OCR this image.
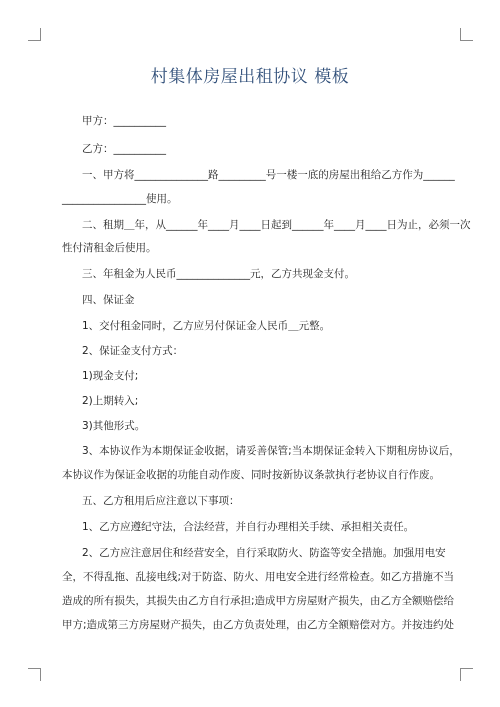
村集体房屋出租协议 模板
甲方：__________
乙方：__________
一、甲方将______________路_________号一楼一底的房屋出租给乙方作为______
________________使用。
二、租期＿年，从______年____月____日起到______年____月____日为止，必须一次
性付清租金后使用。
三、年租金为人民币______________元，乙方共现金支付。
四、保证金
1、交付租金同时，乙方应另付保证金人民币＿元整。
2、保证金支付方式：
1)现金支付;
2)上期转入;
3)其他形式。
3、本协议作为本期保证金收据，请妥善保管;当本期保证金转入下期租房协议后，
本协议作为保证金收据的功能自动作废、同时按新协议条款执行老协议自行作废。
五、乙方租用后应注意以下事项：
1、乙方应遵纪守法，合法经营，并自行办理相关手续、承担相关责任。
2、乙方应注意居住和经营安全，自行采取防火、防盗等安全措施。加强用电安
全，不得乱拖、乱接电线;对于防盗、防火、用电安全进行经常检查。如乙方措施不当
造成的所有损失，其损失由乙方自行承担;造成甲方房屋财产损失，由乙方全额赔偿给
甲方;造成第三方房屋财产损失，由乙方负责处理，由乙方全额赔偿对方。并按违约处
